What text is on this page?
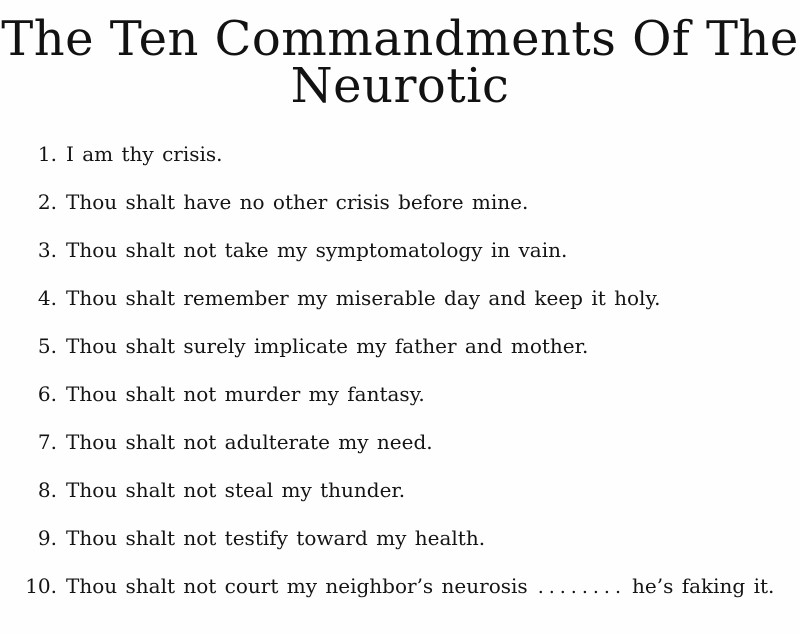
The Ten Commandments Of The
Neurotic
1. I am thy crisis.
2. Thou shalt have no other crisis before mine.
3. Thou shalt not take my symptomatology in vain.
4. Thou shalt remember my miserable day and keep it holy.
5. Thou shalt surely implicate my father and mother.
6. Thou shalt not murder my fantasy.
7. Thou shalt not adulterate my need.
8. Thou shalt not steal my thunder.
9. Thou shalt not testify toward my health.
10. Thou shalt not court my neighbor’s neurosis ........ he’s faking it.
